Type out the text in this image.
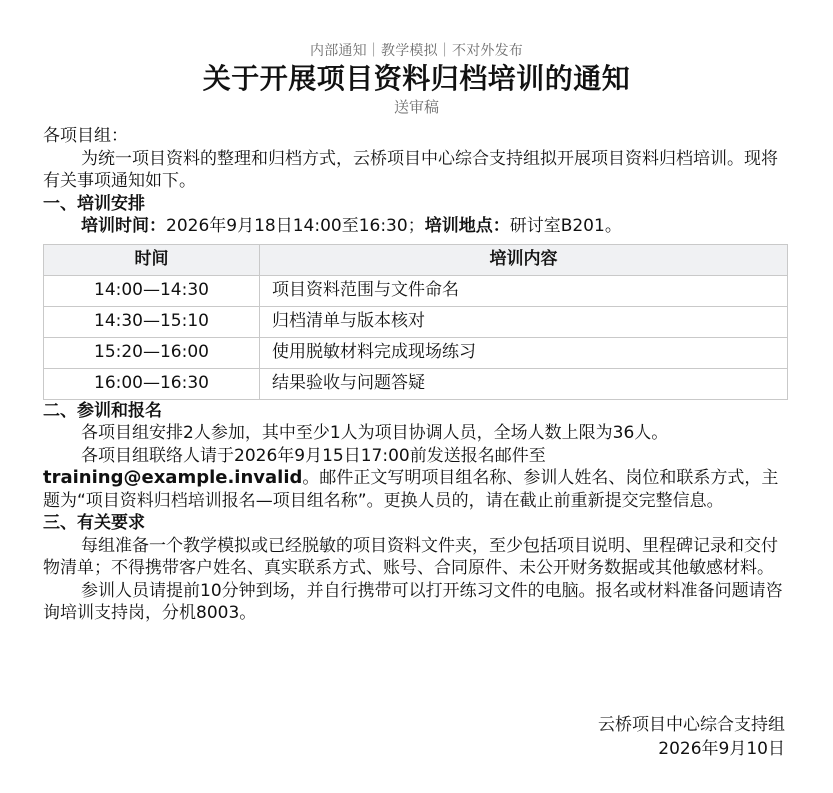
内部通知｜教学模拟｜不对外发布
关于开展项目资料归档培训的通知
送审稿

各项目组：

为统一项目资料的整理和归档方式，云桥项目中心综合支持组拟开展项目资料归档培训。现将有关事项通知如下。

一、培训安排

培训时间：2026年9月18日14:00至16:30；培训地点：研讨室B201。

时间	培训内容
14:00—14:30	项目资料范围与文件命名
14:30—15:10	归档清单与版本核对
15:20—16:00	使用脱敏材料完成现场练习
16:00—16:30	结果验收与问题答疑

二、参训和报名

各项目组安排2人参加，其中至少1人为项目协调人员，全场人数上限为36人。

各项目组联络人请于2026年9月15日17:00前发送报名邮件至training@example.invalid。邮件正文写明项目组名称、参训人姓名、岗位和联系方式，主题为“项目资料归档培训报名—项目组名称”。更换人员的，请在截止前重新提交完整信息。

三、有关要求

每组准备一个教学模拟或已经脱敏的项目资料文件夹，至少包括项目说明、里程碑记录和交付物清单；不得携带客户姓名、真实联系方式、账号、合同原件、未公开财务数据或其他敏感材料。

参训人员请提前10分钟到场，并自行携带可以打开练习文件的电脑。报名或材料准备问题请咨询培训支持岗，分机8003。

云桥项目中心综合支持组
2026年9月10日
